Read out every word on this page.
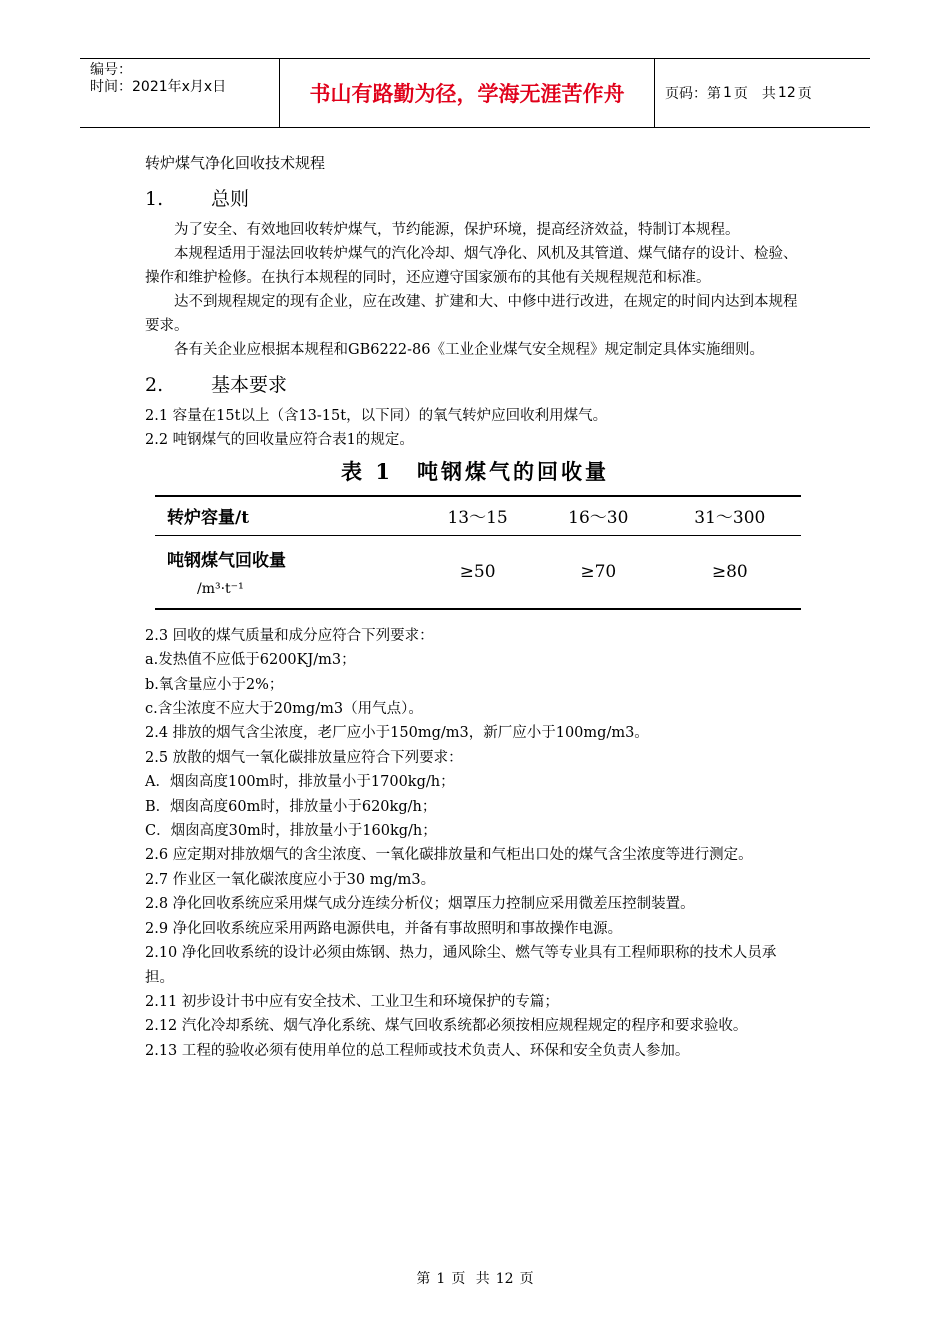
编号：
时间：2021年x月x日	书山有路勤为径，学海无涯苦作舟	页码：第 1 页 共 12 页

转炉煤气净化回收技术规程

1.	总则

为了安全、有效地回收转炉煤气，节约能源，保护环境，提高经济效益，特制订本规程。

本规程适用于湿法回收转炉煤气的汽化冷却、烟气净化、风机及其管道、煤气储存的设计、检验、操作和维护检修。在执行本规程的同时，还应遵守国家颁布的其他有关规程规范和标准。

达不到规程规定的现有企业，应在改建、扩建和大、中修中进行改进，在规定的时间内达到本规程要求。

各有关企业应根据本规程和GB6222-86《工业企业煤气安全规程》规定制定具体实施细则。

2.	基本要求

2.1 容量在15t以上（含13-15t，以下同）的氧气转炉应回收利用煤气。

2.2 吨钢煤气的回收量应符合表1的规定。

表 1　吨钢煤气的回收量
转炉容量/t	13～15	16～30	31～300
吨钢煤气回收量
/m³·t⁻¹	≥50	≥70	≥80

2.3 回收的煤气质量和成分应符合下列要求：

a.发热值不应低于6200KJ/m3；

b.氧含量应小于2%；

c.含尘浓度不应大于20mg/m3（用气点）。

2.4 排放的烟气含尘浓度，老厂应小于150mg/m3，新厂应小于100mg/m3。

2.5 放散的烟气一氧化碳排放量应符合下列要求：

A．烟囱高度100m时，排放量小于1700kg/h；

B．烟囱高度60m时，排放量小于620kg/h；

C．烟囱高度30m时，排放量小于160kg/h；

2.6 应定期对排放烟气的含尘浓度、一氧化碳排放量和气柜出口处的煤气含尘浓度等进行测定。

2.7 作业区一氧化碳浓度应小于30 mg/m3。

2.8 净化回收系统应采用煤气成分连续分析仪；烟罩压力控制应采用微差压控制装置。

2.9 净化回收系统应采用两路电源供电，并备有事故照明和事故操作电源。

2.10 净化回收系统的设计必须由炼钢、热力，通风除尘、燃气等专业具有工程师职称的技术人员承担。

2.11 初步设计书中应有安全技术、工业卫生和环境保护的专篇；

2.12 汽化冷却系统、烟气净化系统、煤气回收系统都必须按相应规程规定的程序和要求验收。

2.13 工程的验收必须有使用单位的总工程师或技术负责人、环保和安全负责人参加。

第 1 页 共 12 页
